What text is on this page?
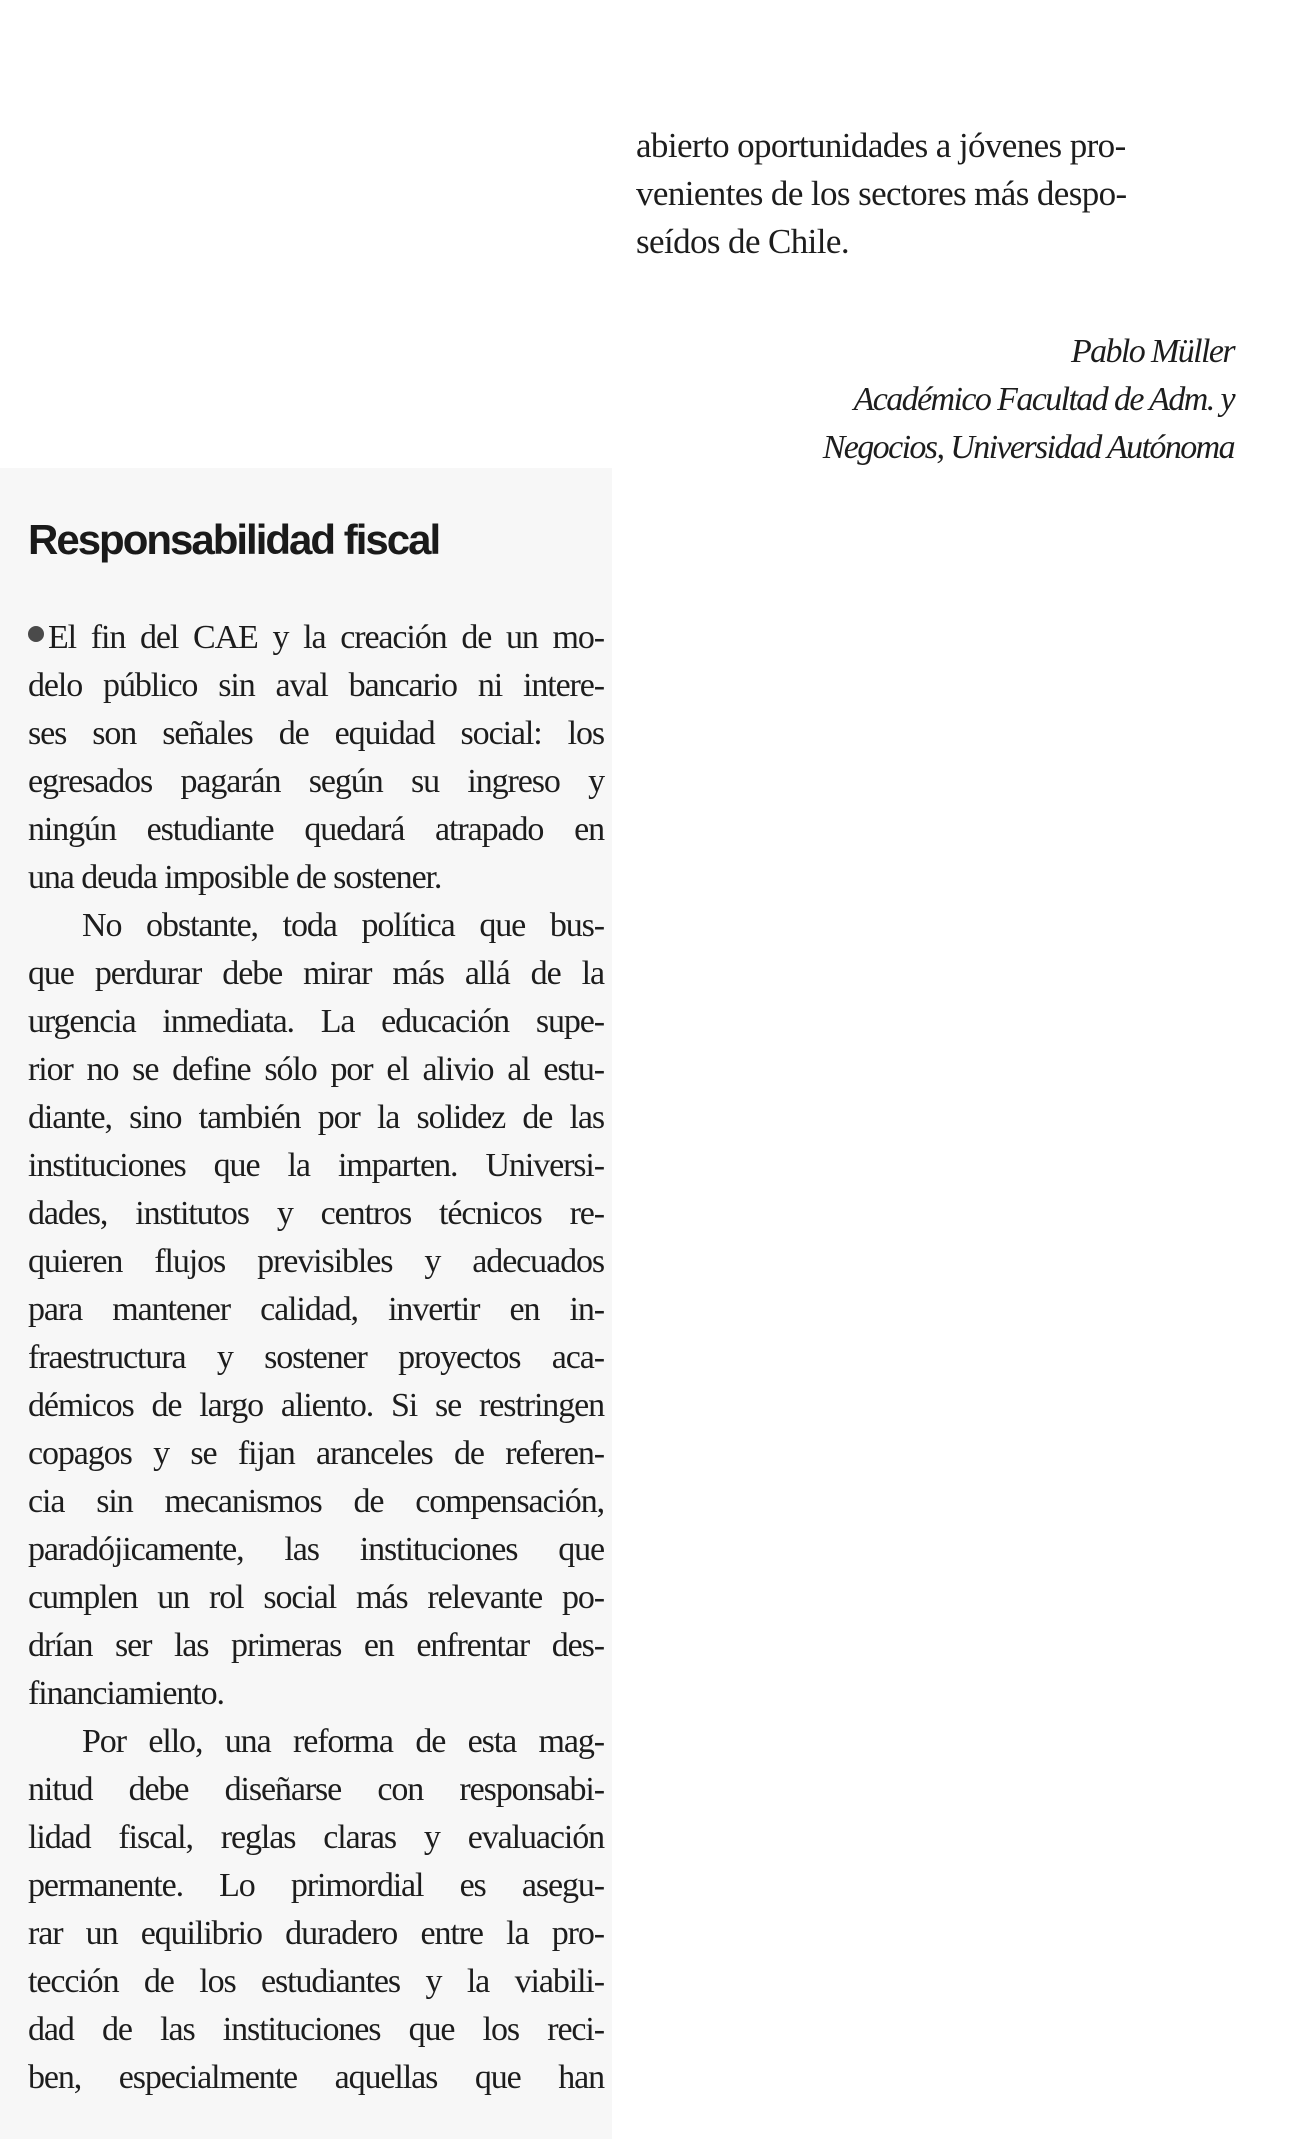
abierto oportunidades a jóvenes pro-

venientes de los sectores más despo-

seídos de Chile.

Pablo Müller
Académico Facultad de Adm. y
Negocios, Universidad Autónoma
Responsabilidad fiscal
El fin del CAE y la creación de un mo-
delo público sin aval bancario ni intere-
ses son señales de equidad social: los
egresados pagarán según su ingreso y
ningún estudiante quedará atrapado en
una deuda imposible de sostener.
No obstante, toda política que bus-
que perdurar debe mirar más allá de la
urgencia inmediata. La educación supe-
rior no se define sólo por el alivio al estu-
diante, sino también por la solidez de las
instituciones que la imparten. Universi-
dades, institutos y centros técnicos re-
quieren flujos previsibles y adecuados
para mantener calidad, invertir en in-
fraestructura y sostener proyectos aca-
démicos de largo aliento. Si se restringen
copagos y se fijan aranceles de referen-
cia sin mecanismos de compensación,
paradójicamente, las instituciones que
cumplen un rol social más relevante po-
drían ser las primeras en enfrentar des-
financiamiento.
Por ello, una reforma de esta mag-
nitud debe diseñarse con responsabi-
lidad fiscal, reglas claras y evaluación
permanente. Lo primordial es asegu-
rar un equilibrio duradero entre la pro-
tección de los estudiantes y la viabili-
dad de las instituciones que los reci-
ben, especialmente aquellas que han
